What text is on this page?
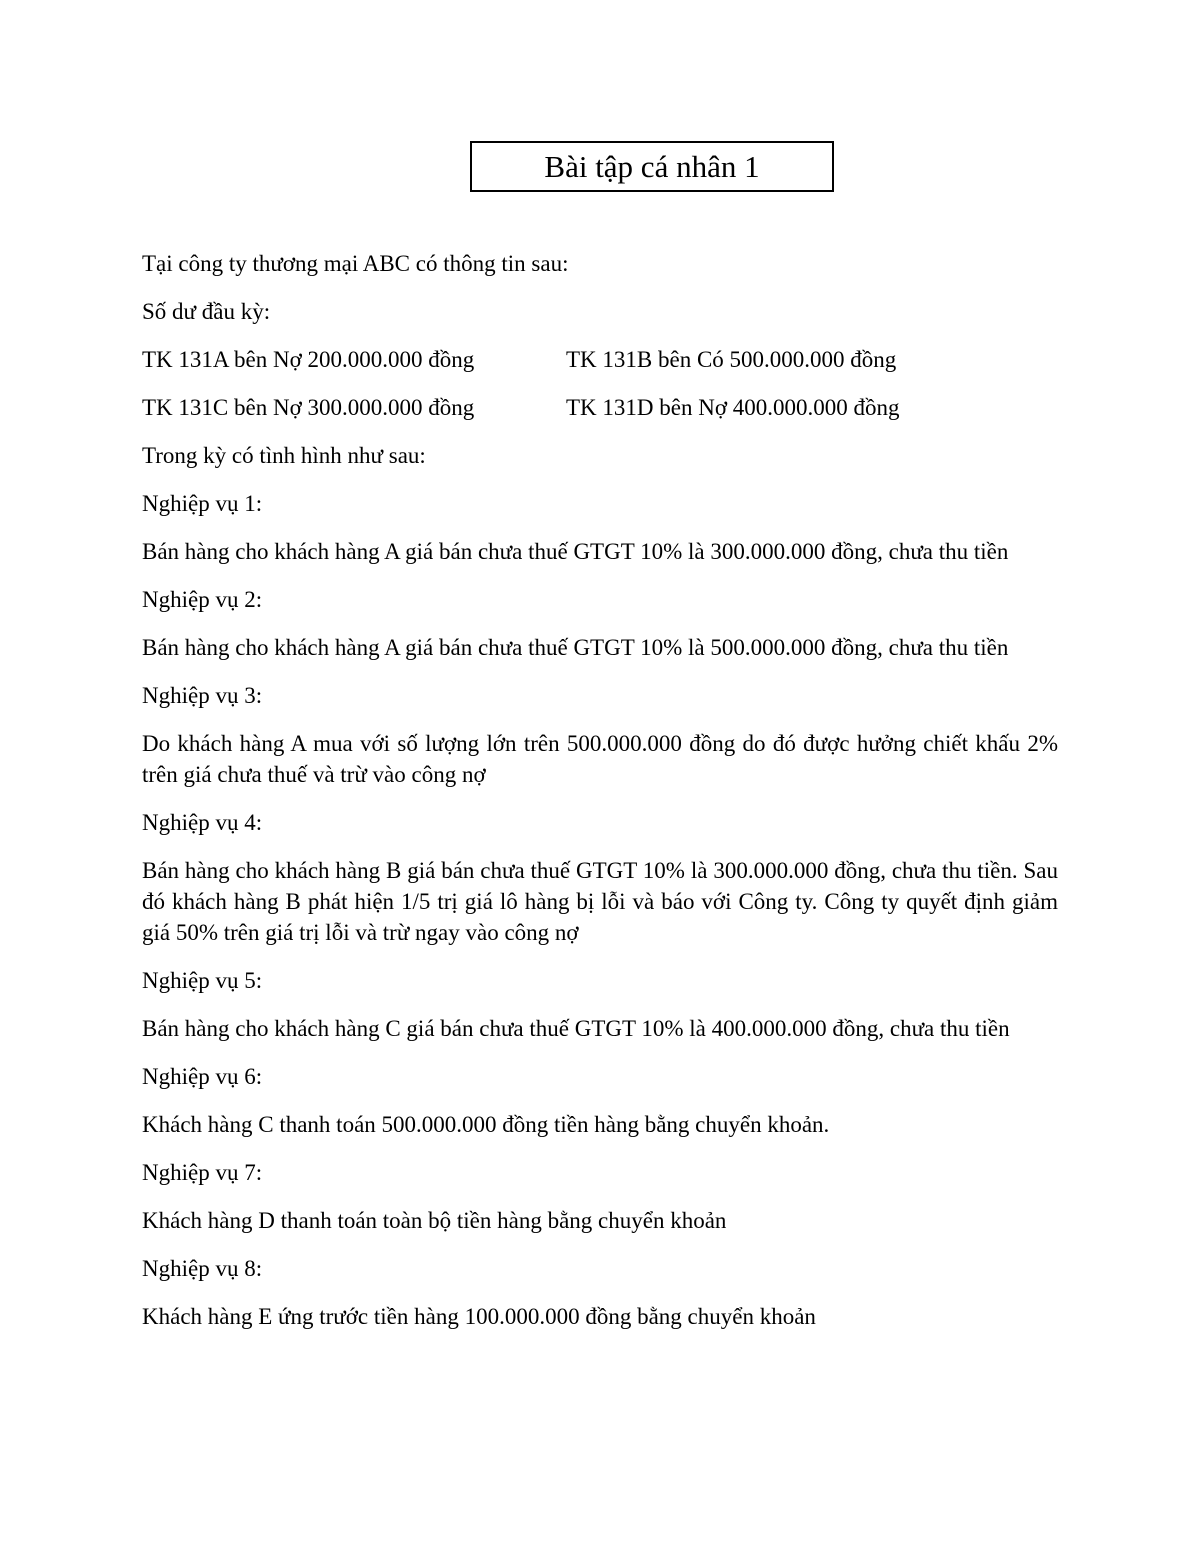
Bài tập cá nhân 1

Tại công ty thương mại ABC có thông tin sau:

Số dư đầu kỳ:

TK 131A bên Nợ 200.000.000 đồng	TK 131B bên Có 500.000.000 đồng
TK 131C bên Nợ 300.000.000 đồng	TK 131D bên Nợ 400.000.000 đồng

Trong kỳ có tình hình như sau:

Nghiệp vụ 1:

Bán hàng cho khách hàng A giá bán chưa thuế GTGT 10% là 300.000.000 đồng, chưa thu tiền

Nghiệp vụ 2:

Bán hàng cho khách hàng A giá bán chưa thuế GTGT 10% là 500.000.000 đồng, chưa thu tiền

Nghiệp vụ 3:

Do khách hàng A mua với số lượng lớn trên 500.000.000 đồng do đó được hưởng chiết khấu 2% trên giá chưa thuế và trừ vào công nợ

Nghiệp vụ 4:

Bán hàng cho khách hàng B giá bán chưa thuế GTGT 10% là 300.000.000 đồng, chưa thu tiền. Sau đó khách hàng B phát hiện 1/5 trị giá lô hàng bị lỗi và báo với Công ty. Công ty quyết định giảm giá 50% trên giá trị lỗi và trừ ngay vào công nợ

Nghiệp vụ 5:

Bán hàng cho khách hàng C giá bán chưa thuế GTGT 10% là 400.000.000 đồng, chưa thu tiền

Nghiệp vụ 6:

Khách hàng C thanh toán 500.000.000 đồng tiền hàng bằng chuyển khoản.

Nghiệp vụ 7:

Khách hàng D thanh toán toàn bộ tiền hàng bằng chuyển khoản

Nghiệp vụ 8:

Khách hàng E ứng trước tiền hàng 100.000.000 đồng bằng chuyển khoản
